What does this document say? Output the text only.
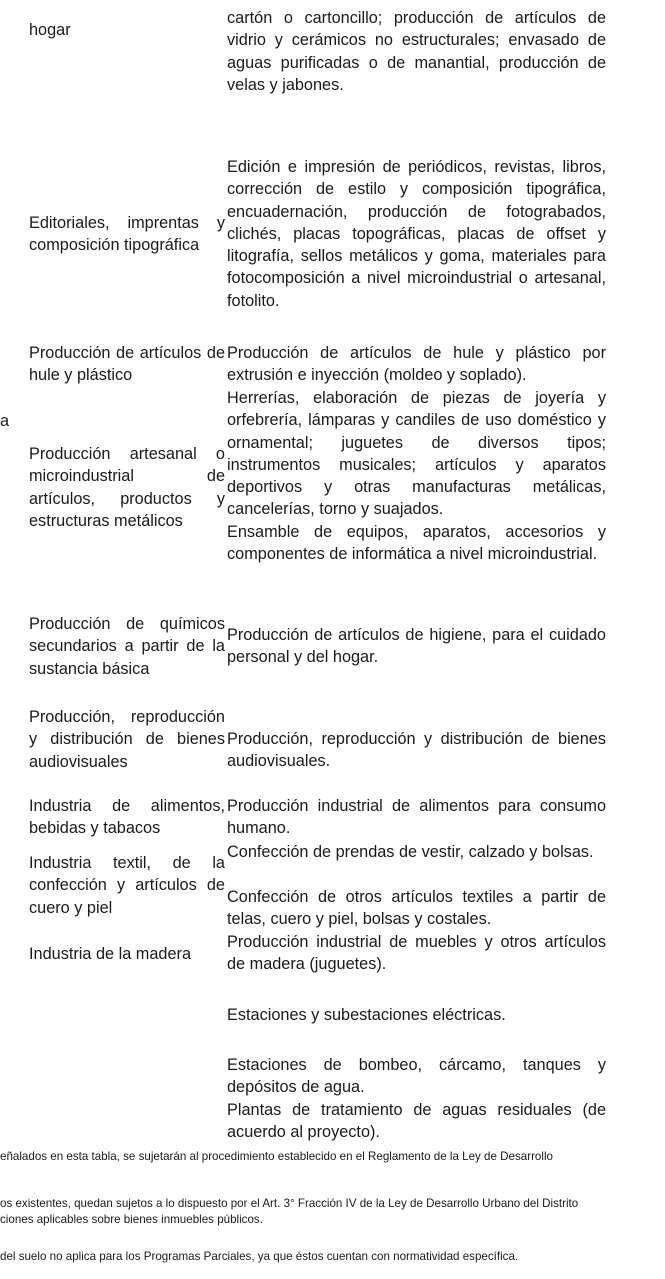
hogar
cartón o cartoncillo; producción de artículos de vidrio y cerámicos no estructurales; envasado de aguas purificadas o de manantial, producción de velas y jabones.
Editoriales, imprentas y composición tipográfica
Edición e impresión de periódicos, revistas, libros, corrección de estilo y composición tipográfica, encuadernación, producción de fotograbados, clichés, placas topográficas, placas de offset y litografía, sellos metálicos y goma, materiales para fotocomposición a nivel microindustrial o artesanal, fotolito.
Producción de artículos de hule y plástico
Producción de artículos de hule y plástico por extrusión e inyección (moldeo y soplado).
a
Producción artesanal o microindustrial de artículos, productos y estructuras metálicos
Herrerías, elaboración de piezas de joyería y orfebrería, lámparas y candiles de uso doméstico y ornamental; juguetes de diversos tipos; instrumentos musicales; artículos y aparatos deportivos y otras manufacturas metálicas, cancelerías, torno y suajados.
Ensamble de equipos, aparatos, accesorios y componentes de informática a nivel microindustrial.
Producción de químicos secundarios a partir de la sustancia básica
Producción de artículos de higiene, para el cuidado personal y del hogar.
Producción, reproducción y distribución de bienes audiovisuales
Producción, reproducción y distribución de bienes audiovisuales.
Industria de alimentos, bebidas y tabacos
Producción industrial de alimentos para consumo humano.
Industria textil, de la confección y artículos de cuero y piel
Confección de prendas de vestir, calzado y bolsas.
Confección de otros artículos textiles a partir de telas, cuero y piel, bolsas y costales.
Industria de la madera
Producción industrial de muebles y otros artículos de madera (juguetes).
Estaciones y subestaciones eléctricas.
Estaciones de bombeo, cárcamo, tanques y depósitos de agua.
Plantas de tratamiento de aguas residuales (de acuerdo al proyecto).
eñalados en esta tabla, se sujetarán al procedimiento establecido en el Reglamento de la Ley de Desarrollo
os existentes, quedan sujetos a lo dispuesto por el Art. 3° Fracción IV de la Ley de Desarrollo Urbano del Distrito
ciones aplicables sobre bienes inmuebles públicos.
del suelo no aplica para los Programas Parciales, ya que éstos cuentan con normatividad específica.
